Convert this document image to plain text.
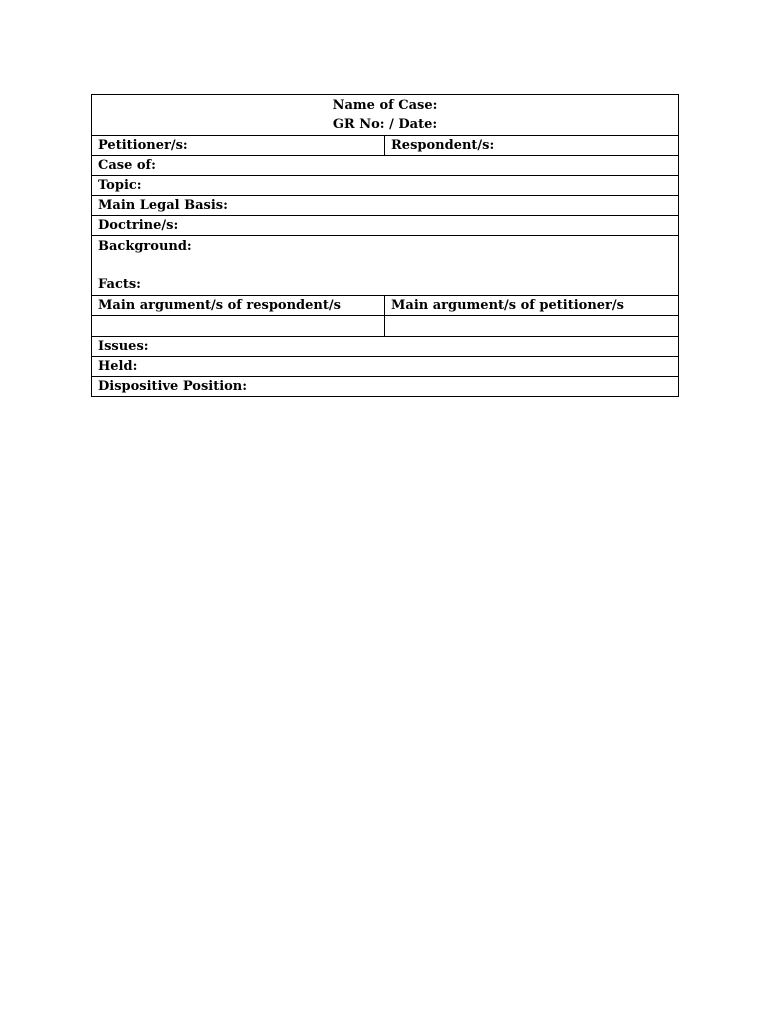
Name of Case:
GR No: / Date:	

Petitioner/s:	Respondent/s:
Case of:	
Topic:	
Main Legal Basis:	
Doctrine/s:	

Background:
Facts:	

Main argument/s of respondent/s	Main argument/s of petitioner/s

Issues:	
Held:	
Dispositive Position:	
